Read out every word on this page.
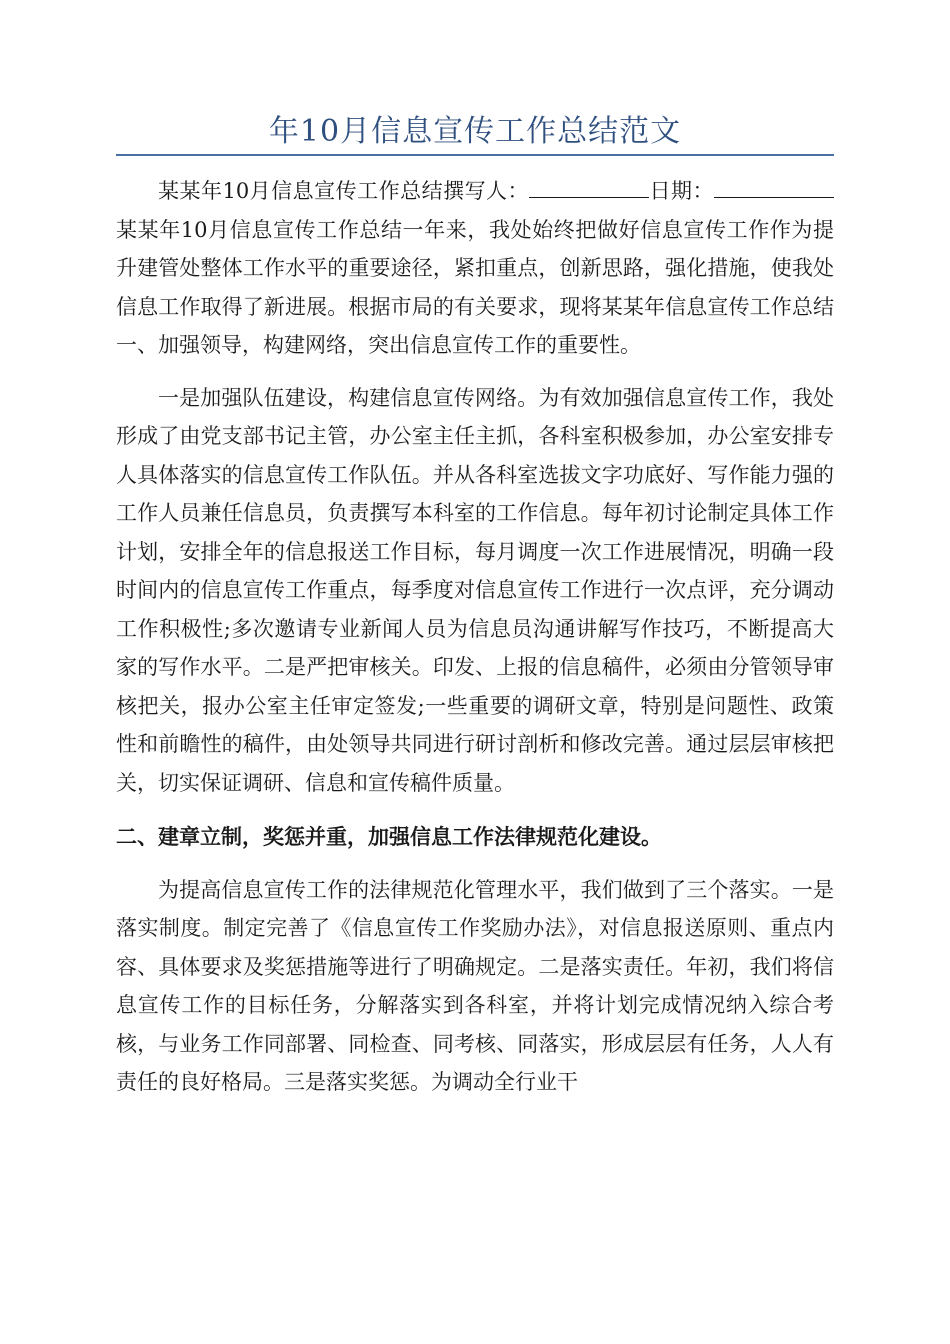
年10月信息宣传工作总结范文

某某年10月信息宣传工作总结撰写人：	日期：某某年10月信息宣传工作总结一年来，我处始终把做好信息宣传工作作为提升建管处整体工作水平的重要途径，紧扣重点，创新思路，强化措施，使我处信息工作取得了新进展。根据市局的有关要求，现将某某年信息宣传工作总结一、加强领导，构建网络，突出信息宣传工作的重要性。

一是加强队伍建设，构建信息宣传网络。为有效加强信息宣传工作，我处形成了由党支部书记主管，办公室主任主抓，各科室积极参加，办公室安排专人具体落实的信息宣传工作队伍。并从各科室选拔文字功底好、写作能力强的工作人员兼任信息员，负责撰写本科室的工作信息。每年初讨论制定具体工作计划，安排全年的信息报送工作目标，每月调度一次工作进展情况，明确一段时间内的信息宣传工作重点，每季度对信息宣传工作进行一次点评，充分调动工作积极性;多次邀请专业新闻人员为信息员沟通讲解写作技巧，不断提高大家的写作水平。二是严把审核关。印发、上报的信息稿件，必须由分管领导审核把关，报办公室主任审定签发;一些重要的调研文章，特别是问题性、政策性和前瞻性的稿件，由处领导共同进行研讨剖析和修改完善。通过层层审核把关，切实保证调研、信息和宣传稿件质量。

二、建章立制，奖惩并重，加强信息工作法律规范化建设。

为提高信息宣传工作的法律规范化管理水平，我们做到了三个落实。一是落实制度。制定完善了《信息宣传工作奖励办法》，对信息报送原则、重点内容、具体要求及奖惩措施等进行了明确规定。二是落实责任。年初，我们将信息宣传工作的目标任务，分解落实到各科室，并将计划完成情况纳入综合考核，与业务工作同部署、同检查、同考核、同落实，形成层层有任务，人人有责任的良好格局。三是落实奖惩。为调动全行业干
